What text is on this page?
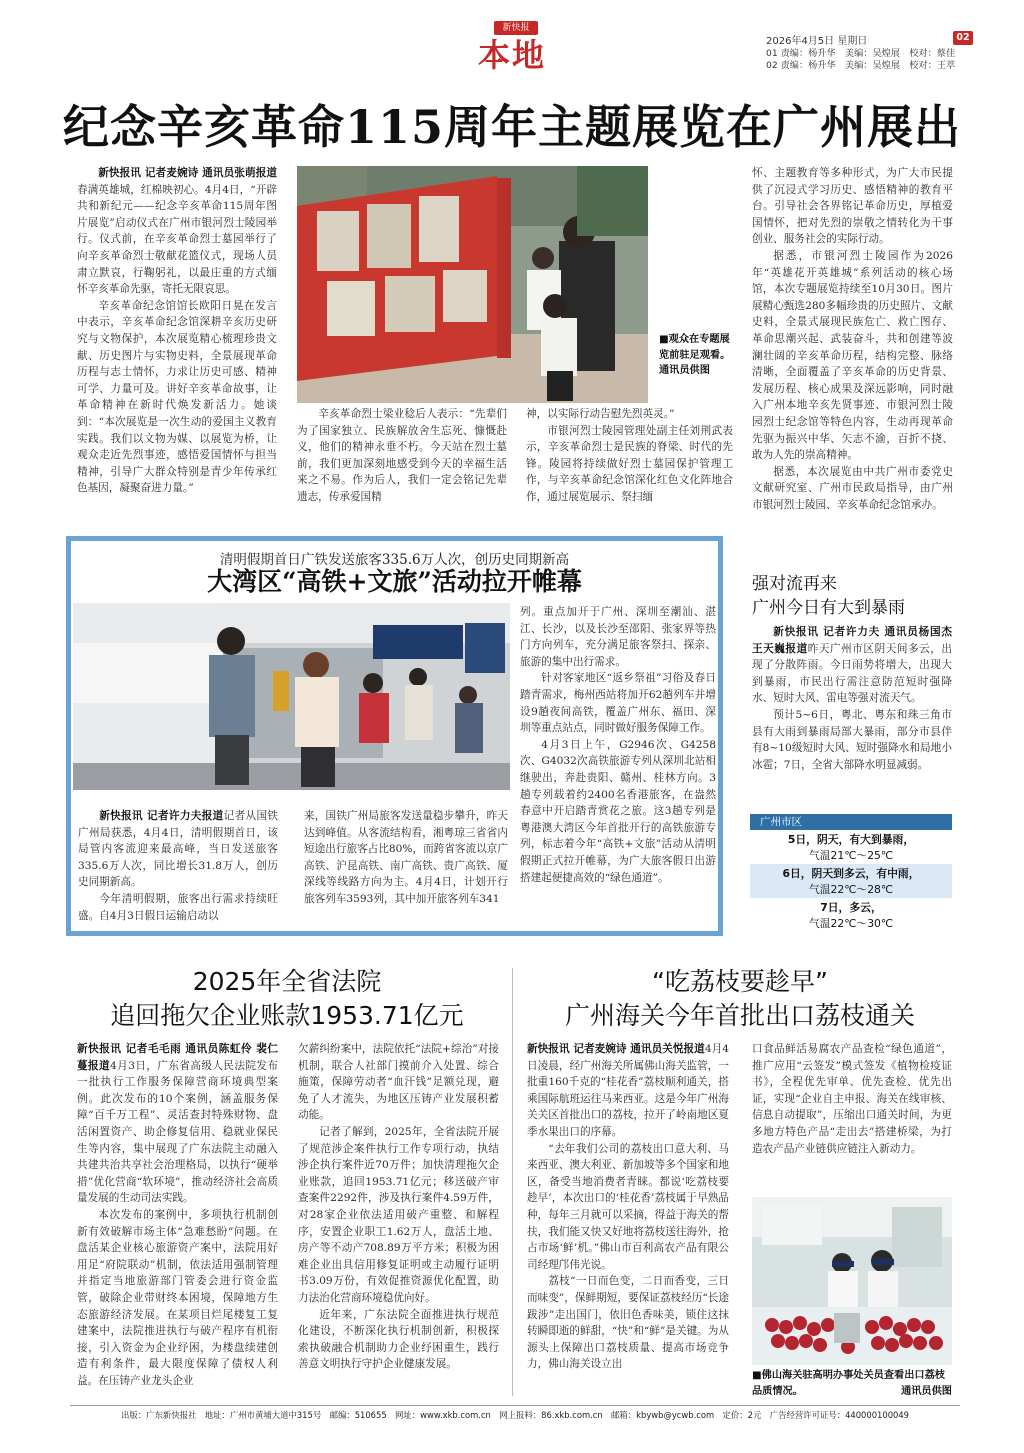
新快报
本地	2026年4月5日 星期日	02
01 责编：杨升华　美编：吴煌展　校对：蔡佳
02 责编：杨升华　美编：吴煌展　校对：王萃
纪念辛亥革命115周年主题展览在广州展出

新快报讯 记者麦婉诗 通讯员张萌报道春满英雄城，红棉映初心。4月4日，“开辟共和新纪元——纪念辛亥革命115周年图片展览”启动仪式在广州市银河烈士陵园举行。仪式前，在辛亥革命烈士墓园举行了向辛亥革命烈士敬献花篮仪式，现场人员肃立默哀，行鞠躬礼，以最庄重的方式缅怀辛亥革命先驱，寄托无限哀思。

辛亥革命纪念馆馆长欧阳日晃在发言中表示，辛亥革命纪念馆深耕辛亥历史研究与文物保护，本次展览精心梳理珍贵文献、历史图片与实物史料，全景展现革命历程与志士情怀，力求让历史可感、精神可学、力量可及。讲好辛亥革命故事，让革命精神在新时代焕发新活力。她谈到：“本次展览是一次生动的爱国主义教育实践。我们以文物为媒、以展览为桥，让观众走近先烈事迹，感悟爱国情怀与担当精神，引导广大群众特别是青少年传承红色基因，凝聚奋进力量。”

■观众在专题展览前驻足观看。通讯员供图

辛亥革命烈士梁业稔后人表示：“先辈们为了国家独立、民族解放舍生忘死、慷慨赴义，他们的精神永垂不朽。今天站在烈士墓前，我们更加深刻地感受到今天的幸福生活来之不易。作为后人，我们一定会铭记先辈遗志，传承爱国精

神，以实际行动告慰先烈英灵。”

市银河烈士陵园管理处副主任刘荆武表示，辛亥革命烈士是民族的脊梁、时代的先锋。陵园将持续做好烈士墓园保护管理工作，与辛亥革命纪念馆深化红色文化阵地合作，通过展览展示、祭扫缅

怀、主题教育等多种形式，为广大市民提供了沉浸式学习历史、感悟精神的教育平台。引导社会各界铭记革命历史，厚植爱国情怀，把对先烈的崇敬之情转化为干事创业、服务社会的实际行动。

据悉，市银河烈士陵园作为2026年“英雄花开英雄城”系列活动的核心场馆，本次专题展览持续至10月30日。图片展精心甄选280多幅珍贵的历史照片、文献史料，全景式展现民族危亡、救亡图存、革命思潮兴起、武装奋斗，共和创建等波澜壮阔的辛亥革命历程，结构完整、脉络清晰，全面覆盖了辛亥革命的历史背景、发展历程、核心成果及深远影响，同时融入广州本地辛亥先贤事迹、市银河烈士陵园烈士纪念馆等特色内容，生动再现革命先驱为振兴中华、矢志不渝，百折不挠、敢为人先的崇高精神。

据悉，本次展览由中共广州市委党史文献研究室、广州市民政局指导，由广州市银河烈士陵园、辛亥革命纪念馆承办。

清明假期首日广铁发送旅客335.6万人次，创历史同期新高
大湾区“高铁+文旅”活动拉开帷幕

新快报讯 记者许力夫报道记者从国铁广州局获悉，4月4日，清明假期首日，该局管内客流迎来最高峰，当日发送旅客335.6万人次，同比增长31.8万人，创历史同期新高。

今年清明假期，旅客出行需求持续旺盛。自4月3日假日运输启动以

来，国铁广州局旅客发送量稳步攀升，昨天达到峰值。从客流结构看，湘粤琼三省省内短途出行旅客占比80%，而跨省客流以京广高铁、沪昆高铁、南广高铁、贵广高铁、厦深线等线路方向为主。4月4日，计划开行旅客列车3593列，其中加开旅客列车341

列。重点加开于广州、深圳至潮汕、湛江、长沙，以及长沙至邵阳、张家界等热门方向列车，充分满足旅客祭扫、探亲、旅游的集中出行需求。

针对客家地区“返乡祭祖”习俗及春日踏青需求，梅州西站将加开62趟列车并增设9趟夜间高铁，覆盖广州东、福田、深圳等重点站点，同时做好服务保障工作。

4月3日上午，G2946次、G4258次、G4032次高铁旅游专列从深圳北站相继驶出，奔赴贵阳、赣州、桂林方向。3趟专列载着约2400名香港旅客，在盎然春意中开启踏青赏花之旅。这3趟专列是粤港澳大湾区今年首批开行的高铁旅游专列，标志着今年“高铁+文旅”活动从清明假期正式拉开帷幕，为广大旅客假日出游搭建起便捷高效的“绿色通道”。

强对流再来
广州今日有大到暴雨

新快报讯 记者许力夫 通讯员杨国杰 王天巍报道昨天广州市区阴天间多云，出现了分散阵雨。今日雨势将增大，出现大到暴雨，市民出行需注意防范短时强降水、短时大风、雷电等强对流天气。

预计5~6日，粤北、粤东和珠三角市县有大雨到暴雨局部大暴雨，部分市县伴有8~10级短时大风、短时强降水和局地小冰雹；7日，全省大部降水明显减弱。

广州市区
5日，阴天，有大到暴雨，
气温21℃～25℃
6日，阴天到多云，有中雨，
气温22℃～28℃
7日，多云，
气温22℃～30℃
2025年全省法院
追回拖欠企业账款1953.71亿元

新快报讯 记者毛毛雨 通讯员陈虹伶 裴仁蔓报道4月3日，广东省高级人民法院发布一批执行工作服务保障营商环境典型案例。此次发布的10个案例，涵盖服务保障“百千万工程”、灵活查封特殊财物、盘活闲置资产、助企修复信用、稳就业保民生等内容，集中展现了广东法院主动融入共建共治共享社会治理格局，以执行“硬举措”优化营商“软环境”，推动经济社会高质量发展的生动司法实践。

本次发布的案例中，多项执行机制创新有效破解市场主体“急难愁盼”问题。在盘活某企业核心旅游资产案中，法院用好用足“府院联动”机制，依法适用强制管理并指定当地旅游部门管委会进行资金监管，破除企业带财终本困境，保障地方生态旅游经济发展。在某项目烂尾楼复工复建案中，法院推进执行与破产程序有机衔接，引入资金为企业纾困，为楼盘续建创造有利条件，最大限度保障了债权人利益。在压铸产业龙头企业

欠薪纠纷案中，法院依托“法院+综治”对接机制，联合人社部门摸前介入处置、综合施策，保障劳动者“血汗钱”足额兑现，避免了人才流失，为地区压铸产业发展积蓄动能。

记者了解到，2025年，全省法院开展了规范涉企案件执行工作专项行动，执结涉企执行案件近70万件；加快清理拖欠企业账款，追回1953.71亿元；移送破产审查案件2292件，涉及执行案件4.59万件，对28家企业依法适用破产重整、和解程序，安置企业职工1.62万人，盘活土地、房产等不动产708.89万平方米；积极为困难企业出具信用修复证明或主动履行证明书3.09万份，有效促推资源优化配置，助力法治化营商环境稳优向好。

近年来，广东法院全面推进执行规范化建设，不断深化执行机制创新，积极探索执破融合机制助力企业纾困重生，践行善意文明执行守护企业健康发展。

“吃荔枝要趁早”
广州海关今年首批出口荔枝通关

新快报讯 记者麦婉诗 通讯员关悦报道4月4日凌晨，经广州海关所属佛山海关监管，一批重160千克的“桂花香”荔枝顺利通关，搭乘国际航班运往马来西亚。这是今年广州海关关区首批出口的荔枝，拉开了岭南地区夏季水果出口的序幕。

“去年我们公司的荔枝出口意大利、马来西亚、澳大利亚、新加坡等多个国家和地区，备受当地消费者青睐。都说‘吃荔枝要趁早’，本次出口的‘桂花香’荔枝属于早熟品种，每年三月就可以采摘，得益于海关的帮扶，我们能又快又好地将荔枝送往海外，抢占市场‘鲜’机。”佛山市百利高农产品有限公司经理邝伟光说。

荔枝“一日而色变，二日而香变，三日而味变”，保鲜期短，要保证荔枝经历“长途跋涉”走出国门，依旧色香味美，锁住这抹转瞬即逝的鲜甜，“快”和“鲜”是关键。为从源头上保障出口荔枝质量、提高市场竞争力，佛山海关设立出

口食品鲜活易腐农产品查检“绿色通道”，推广应用“云签发”模式签发《植物检疫证书》，全程优先审单、优先查检、优先出证，实现“企业自主申报、海关在线审核、信息自动提取”，压缩出口通关时间，为更多地方特色产品“走出去”搭建桥梁，为打造农产品产业链供应链注入新动力。

■佛山海关驻高明办事处关员查看出口荔枝品质情况。	通讯员供图
出版：广东新快报社　地址：广州市黄埔大道中315号　邮编：510655　网址：www.xkb.com.cn　网上报料：86.xkb.com.cn　邮箱：kbywb@ycwb.com　定价：2元　广告经营许可证号：440000100049
